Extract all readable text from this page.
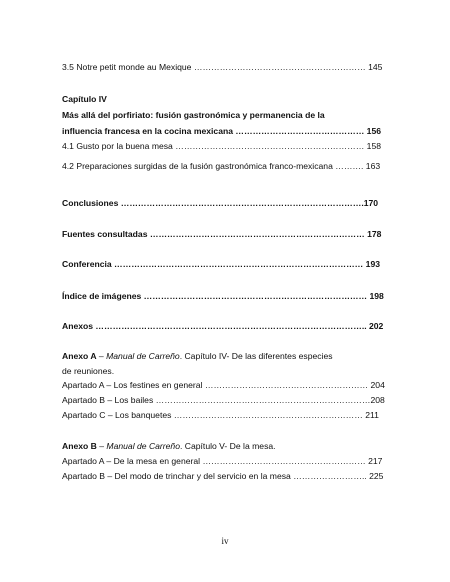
3.5 Notre petit monde au Mexique …………………………………………………… 145
Capítulo IV
Más allá del porfiriato: fusión gastronómica y permanencia de la
influencia francesa en la cocina mexicana ……………………………………… 156
4.1 Gusto por la buena mesa ………………………………………………………… 158
4.2 Preparaciones surgidas de la fusión gastronómica franco-mexicana ………. 163
Conclusiones ………………………………………………………………………….170
Fuentes consultadas ………………………………………………………………… 178
Conferencia …………………………………………………………………………… 193
Índice de imágenes …………………………………………………………………… 198
Anexos ………………………………………………………………………………….. 202
Anexo A – Manual de Carreño. Capítulo IV- De las diferentes especies
de reuniones.
Apartado A – Los festines en general ………………………………………………… 204
Apartado B – Los bailes …………………………………………………………………208
Apartado C – Los banquetes ………………………………………………………… 211
Anexo B – Manual de Carreño. Capítulo V- De la mesa.
Apartado A – De la mesa en general ………………………………………………… 217
Apartado B – Del modo de trinchar y del servicio en la mesa …………………….. 225
iv
